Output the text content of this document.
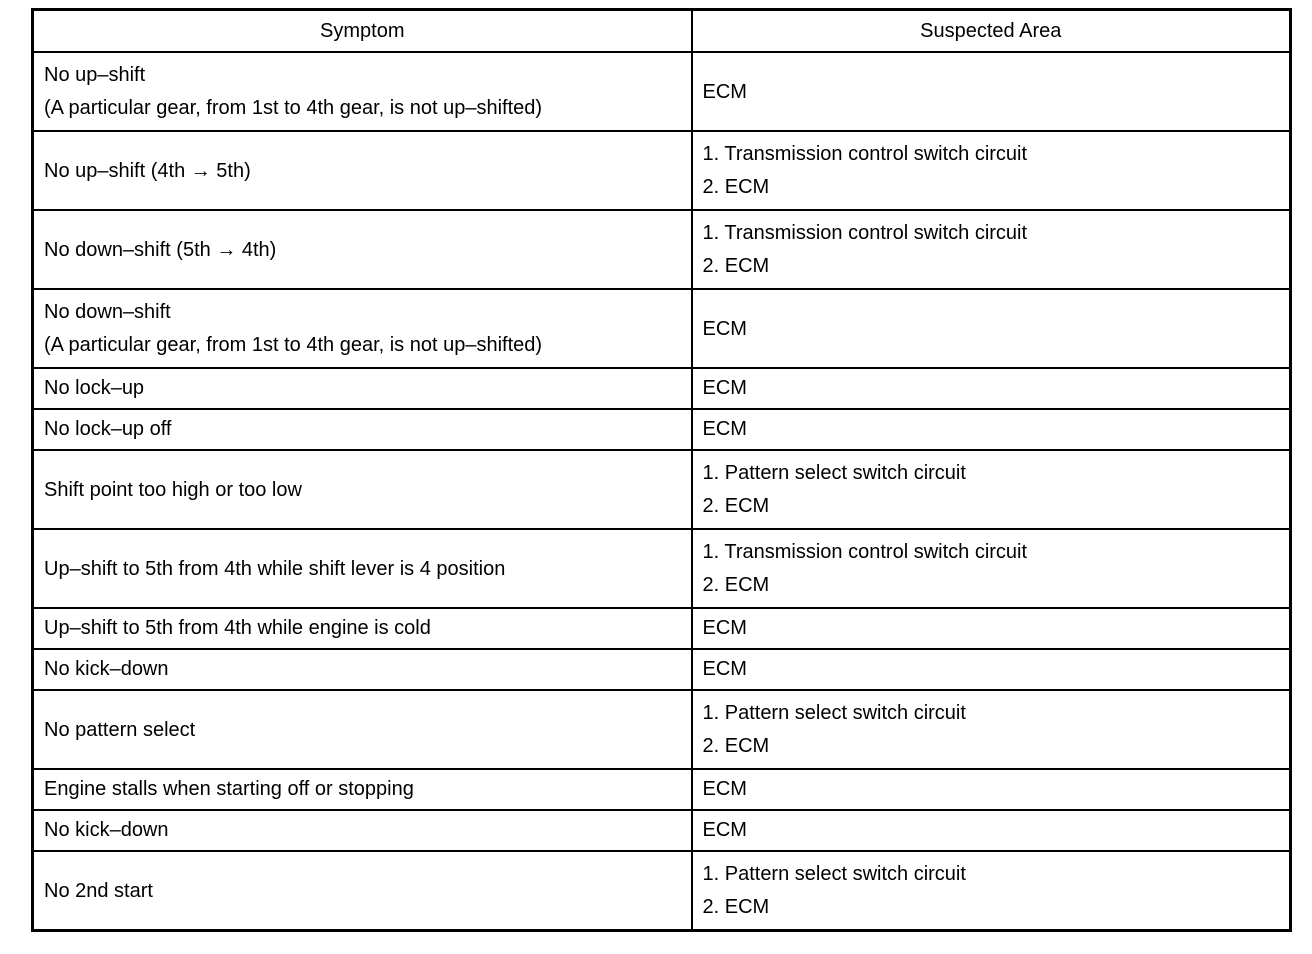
Symptom	Suspected Area

No up–shift
(A particular gear, from 1st to 4th gear, is not up–shifted)	ECM

No up–shift (4th → 5th)	1. Transmission control switch circuit
2. ECM

No down–shift (5th → 4th)	1. Transmission control switch circuit
2. ECM

No down–shift
(A particular gear, from 1st to 4th gear, is not up–shifted)	ECM

No lock–up	ECM

No lock–up off	ECM

Shift point too high or too low	1. Pattern select switch circuit
2. ECM

Up–shift to 5th from 4th while shift lever is 4 position	1. Transmission control switch circuit
2. ECM

Up–shift to 5th from 4th while engine is cold	ECM

No kick–down	ECM

No pattern select	1. Pattern select switch circuit
2. ECM

Engine stalls when starting off or stopping	ECM

No kick–down	ECM

No 2nd start	1. Pattern select switch circuit
2. ECM
